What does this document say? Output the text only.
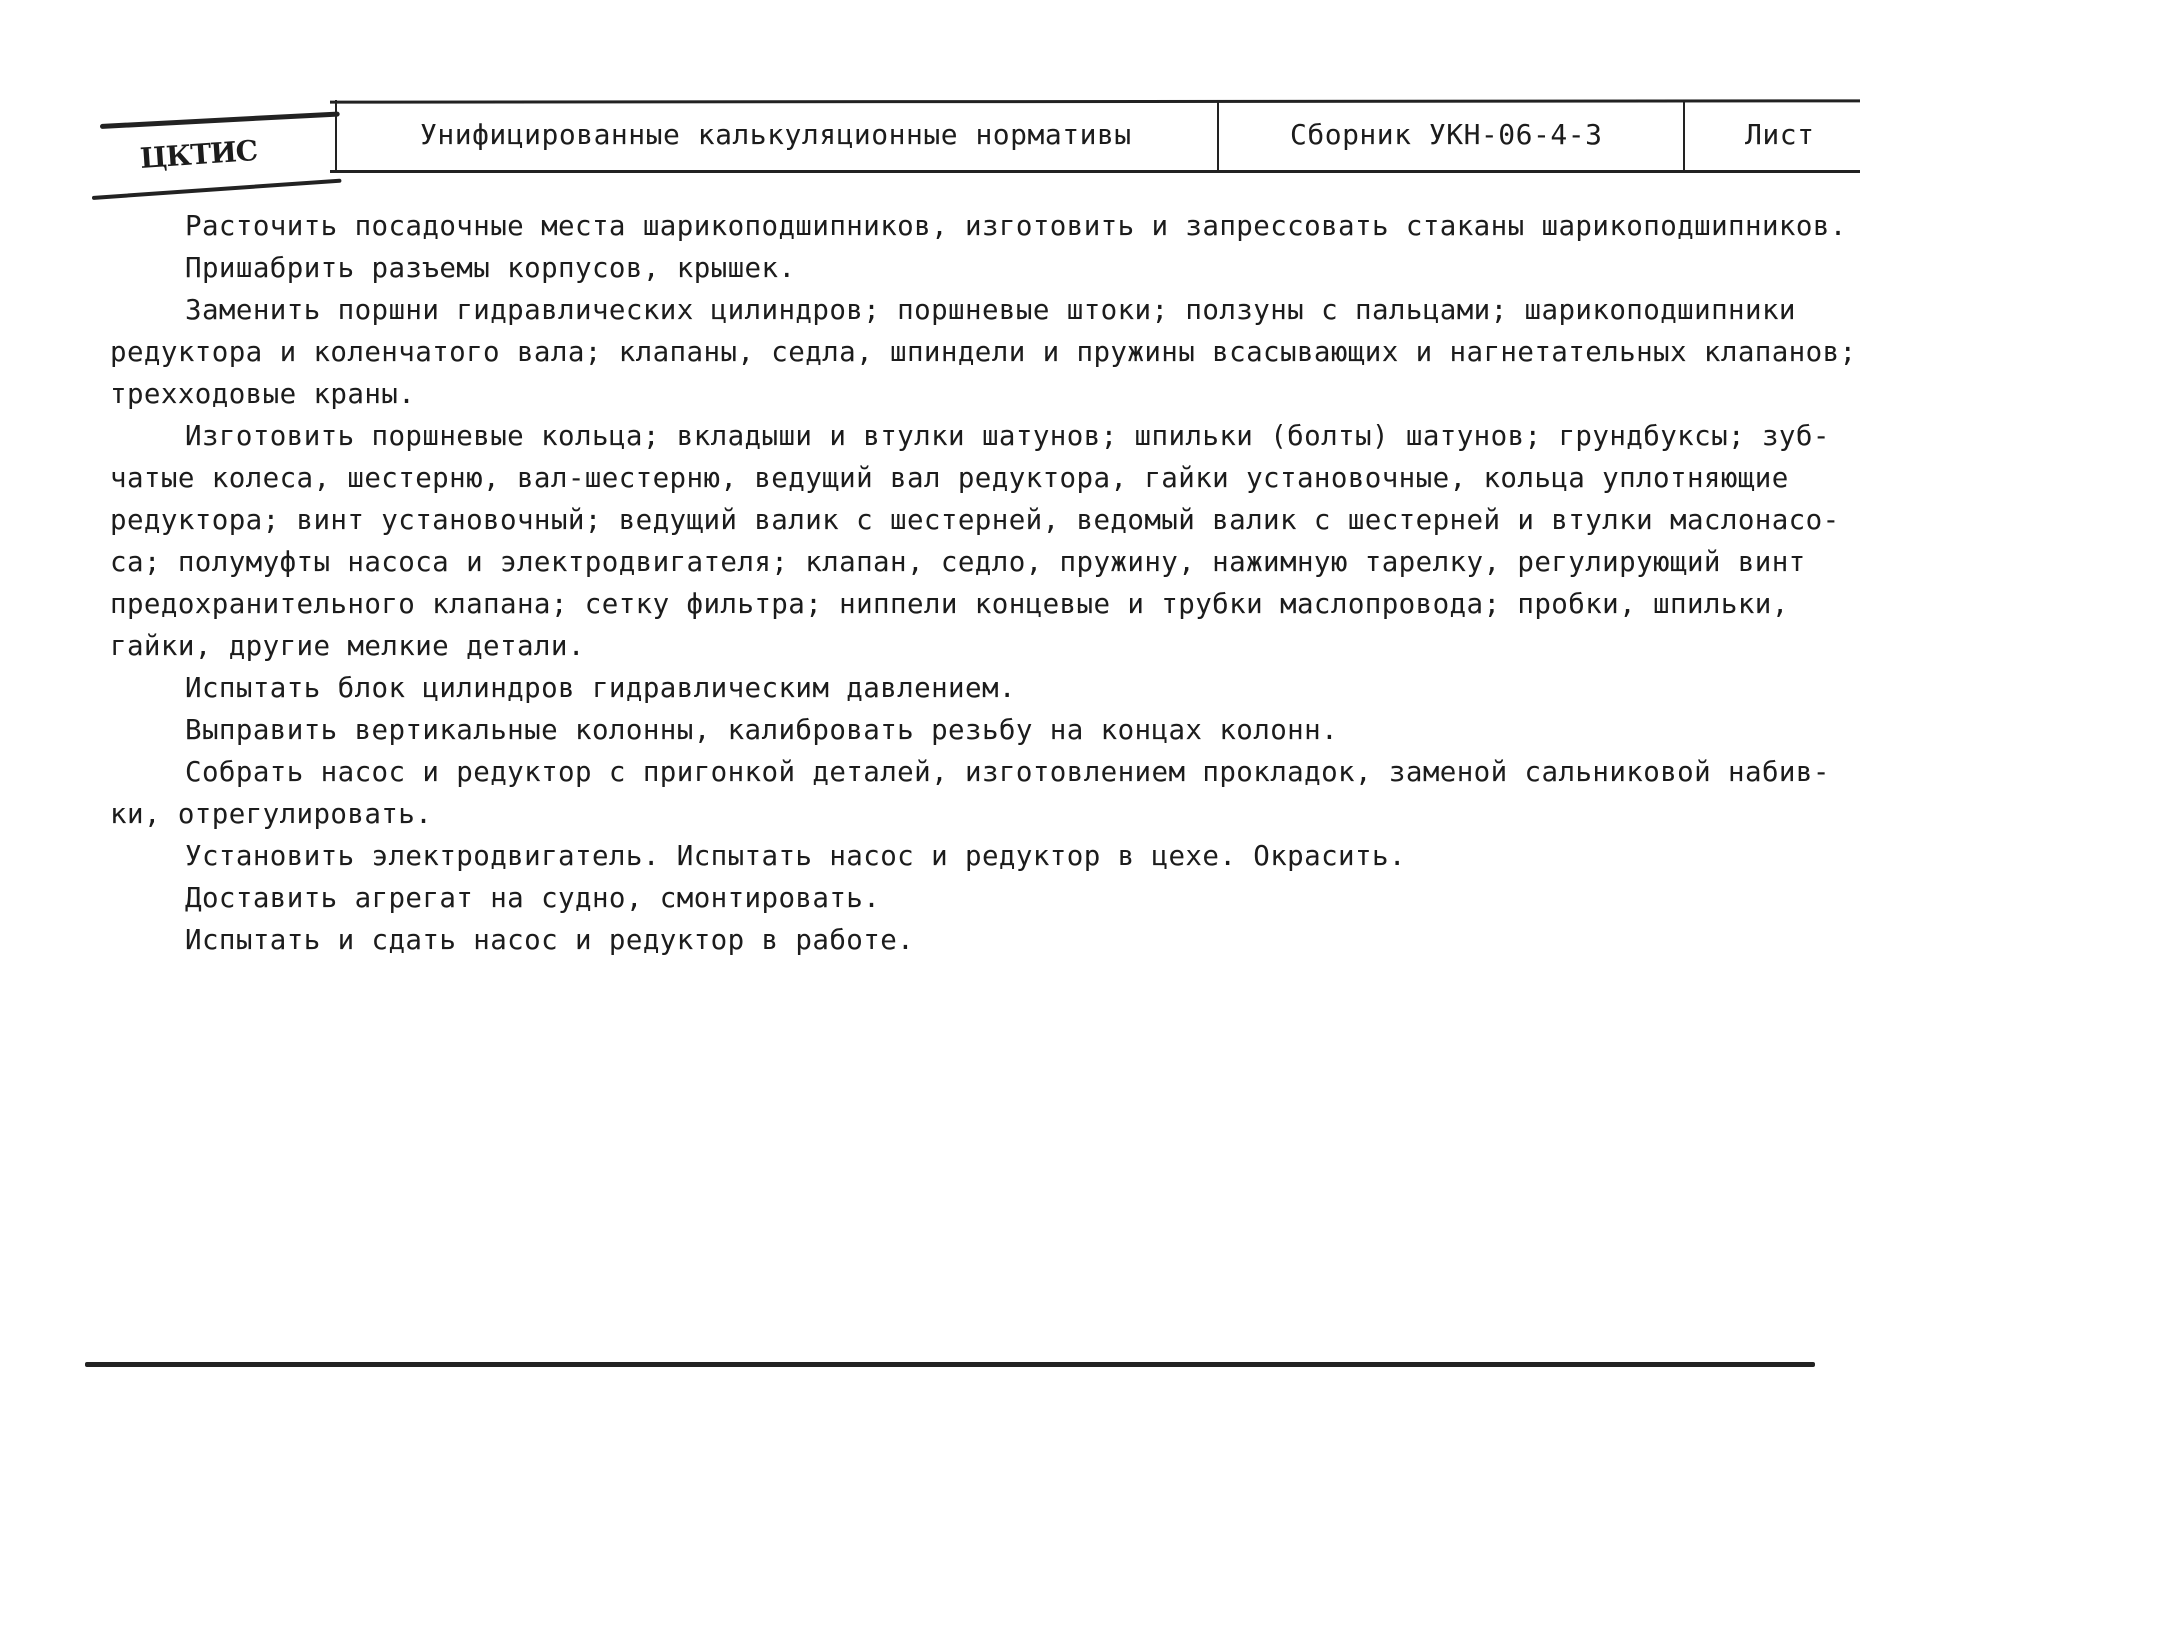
ЦКТИС	Унифицированные калькуляционные нормативы	Сборник УКН-06-4-3	Лист
Расточить посадочные места шарикоподшипников, изготовить и запрессовать стаканы шарикоподшипников.
Пришабрить разъемы корпусов, крышек.
Заменить поршни гидравлических цилиндров; поршневые штоки; ползуны с пальцами; шарикоподшипники
редуктора и коленчатого вала; клапаны, седла, шпиндели и пружины всасывающих и нагнетательных клапанов;
трехходовые краны.
Изготовить поршневые кольца; вкладыши и втулки шатунов; шпильки (болты) шатунов; грундбуксы; зуб-
чатые колеса, шестерню, вал-шестерню, ведущий вал редуктора, гайки установочные, кольца уплотняющие
редуктора; винт установочный; ведущий валик с шестерней, ведомый валик с шестерней и втулки маслонасо-
са; полумуфты насоса и электродвигателя; клапан, седло, пружину, нажимную тарелку, регулирующий винт
предохранительного клапана; сетку фильтра; ниппели концевые и трубки маслопровода; пробки, шпильки,
гайки, другие мелкие детали.
Испытать блок цилиндров гидравлическим давлением.
Выправить вертикальные колонны, калибровать резьбу на концах колонн.
Собрать насос и редуктор с пригонкой деталей, изготовлением прокладок, заменой сальниковой набив-
ки, отрегулировать.
Установить электродвигатель. Испытать насос и редуктор в цехе. Окрасить.
Доставить агрегат на судно, смонтировать.
Испытать и сдать насос и редуктор в работе.
